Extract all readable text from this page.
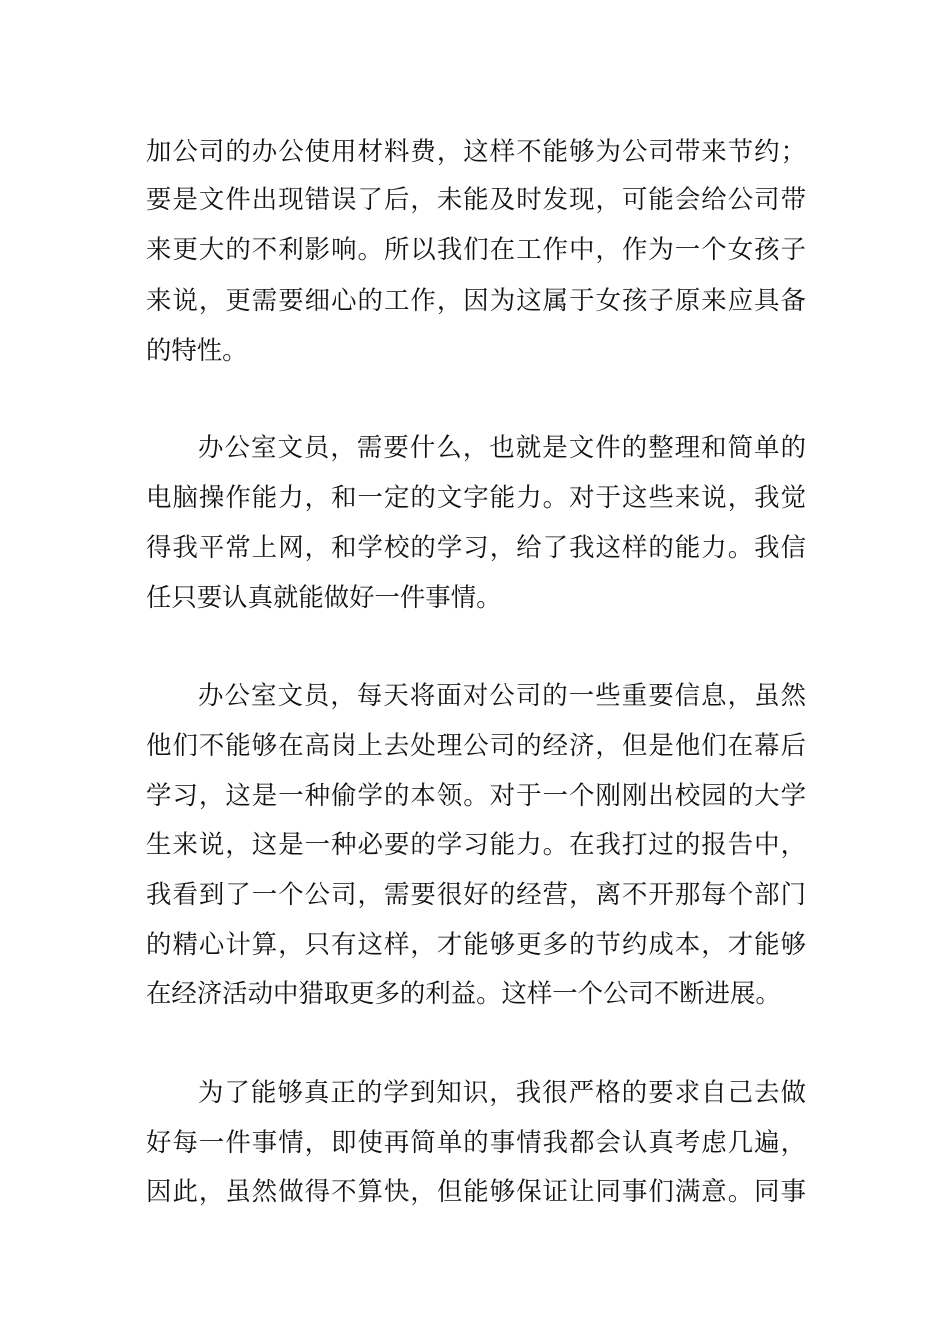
加公司的办公使用材料费，这样不能够为公司带来节约；
要是文件出现错误了后，未能及时发现，可能会给公司带
来更大的不利影响。所以我们在工作中，作为一个女孩子
来说，更需要细心的工作，因为这属于女孩子原来应具备
的特性。
办公室文员，需要什么，也就是文件的整理和简单的
电脑操作能力，和一定的文字能力。对于这些来说，我觉
得我平常上网，和学校的学习，给了我这样的能力。我信
任只要认真就能做好一件事情。
办公室文员，每天将面对公司的一些重要信息，虽然
他们不能够在高岗上去处理公司的经济，但是他们在幕后
学习，这是一种偷学的本领。对于一个刚刚出校园的大学
生来说，这是一种必要的学习能力。在我打过的报告中，
我看到了一个公司，需要很好的经营，离不开那每个部门
的精心计算，只有这样，才能够更多的节约成本，才能够
在经济活动中猎取更多的利益。这样一个公司不断进展。
为了能够真正的学到知识，我很严格的要求自己去做
好每一件事情，即使再简单的事情我都会认真考虑几遍，
因此，虽然做得不算快，但能够保证让同事们满意。同事
